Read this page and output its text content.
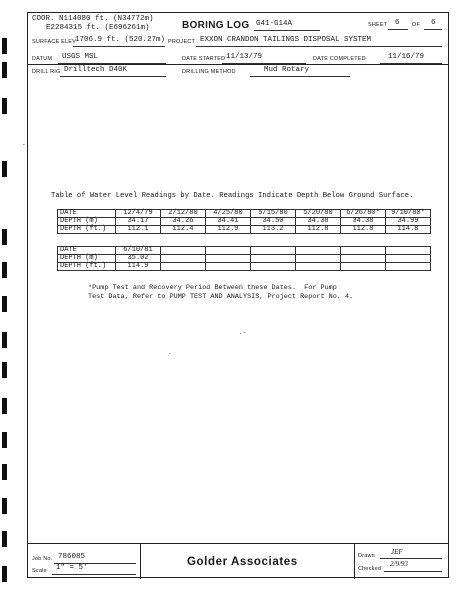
COOR. N114080 ft. (N34772m)
E2284315 ft. (E696261m)	BORING LOG G41-G14A	SHEET 6 OF 6
SURFACE ELEV 1706.9 ft. (520.27m) PROJECT EXXON CRANDON TAILINGS DISPOSAL SYSTEM
DATUM USGS MSL	DATE STARTED 11/13/79	DATE COMPLETED	11/16/79
DRILL RIG Drilltech D40K	DRILLING METHOD	Mud Rotary
-
.-
.
Table of Water Level Readings by Date. Readings Indicate Depth Below Ground Surface.
DATE	12/4/79	2/12/80	4/25/80	5/15/80	5/20/80	6/26/80*	9/10/80*
DEPTH (m)	34.17	34.26	34.41	34.50	34.38	34.38	34.99
DEPTH (ft.)	112.1	112.4	112.9	113.2	112.8	112.8	114.8
DATE	6/10/81						
DEPTH (m)	35.02						
DEPTH (ft.)	114.9						
*Pump Test and Recovery Period Between these Dates.  For Pump
Test Data, Refer to PUMP TEST AND ANALYSIS, Project Report No. 4.
Job No. 786085
Scale 1" = 5'	Golder Associates	Drawn JEF
Checked
2/9/93
